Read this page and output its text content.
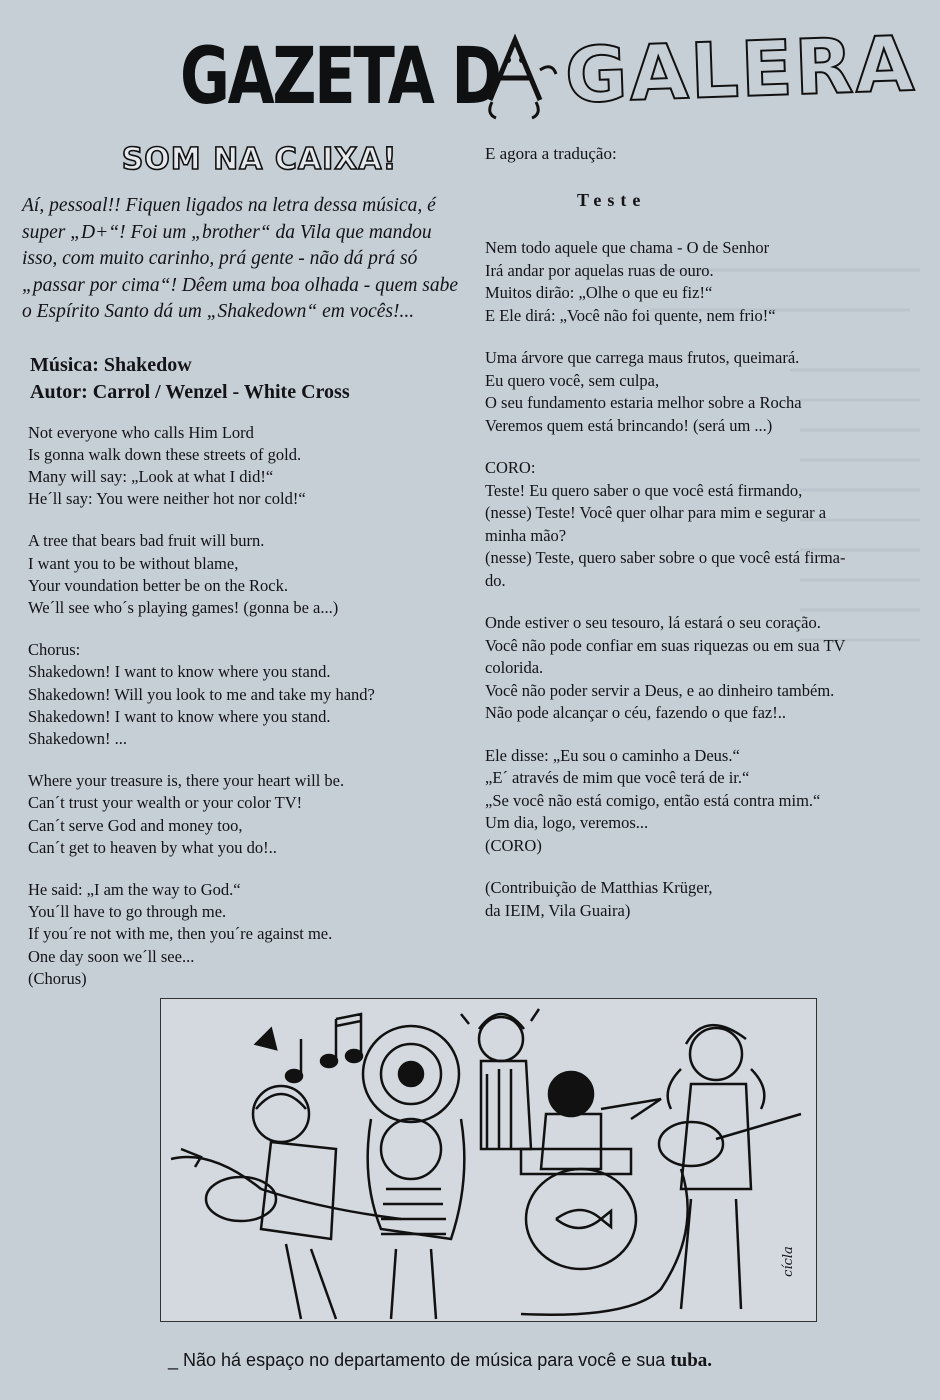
GAZETA D GALERA
SOM NA CAIXA!

Aí, pessoal!! Fiquen ligados na letra dessa música, é super „D+“! Foi um „brother“ da Vila que mandou isso, com muito carinho, prá gente - não dá prá só „passar por cima“! Dêem uma boa olhada - quem sabe o Espírito Santo dá um „Shakedown“ em vocês!...

Música: Shakedow
Autor: Carrol / Wenzel - White Cross

Not everyone who calls Him Lord
Is gonna walk down these streets of gold.
Many will say: „Look at what I did!“
He´ll say: You were neither hot nor cold!“

A tree that bears bad fruit will burn.
I want you to be without blame,
Your voundation better be on the Rock.
We´ll see who´s playing games! (gonna be a...)

Chorus:
Shakedown! I want to know where you stand.
Shakedown! Will you look to me and take my hand?
Shakedown! I want to know where you stand.
Shakedown! ...

Where your treasure is, there your heart will be.
Can´t trust your wealth or your color TV!
Can´t serve God and money too,
Can´t get to heaven by what you do!..

He said: „I am the way to God.“
You´ll have to go through me.
If you´re not with me, then you´re against me.
One day soon we´ll see...
(Chorus)

E agora a tradução:
Teste

Nem todo aquele que chama - O de Senhor
Irá andar por aquelas ruas de ouro.
Muitos dirão: „Olhe o que eu fiz!“
E Ele dirá: „Você não foi quente, nem frio!“

Uma árvore que carrega maus frutos, queimará.
Eu quero você, sem culpa,
O seu fundamento estaria melhor sobre a Rocha
Veremos quem está brincando! (será um ...)

CORO:
Teste! Eu quero saber o que você está firmando,
(nesse) Teste! Você quer olhar para mim e segurar a
minha mão?
(nesse) Teste, quero saber sobre o que você está firma-
do.

Onde estiver o seu tesouro, lá estará o seu coração.
Você não pode confiar em suas riquezas ou em sua TV
colorida.
Você não poder servir a Deus, e ao dinheiro também.
Não pode alcançar o céu, fazendo o que faz!..

Ele disse: „Eu sou o caminho a Deus.“
„E´ através de mim que você terá de ir.“
„Se você não está comigo, então está contra mim.“
Um dia, logo, veremos...
(CORO)

(Contribuição de Matthias Krüger,
da IEIM, Vila Guaira)

cícla
_ Não há espaço no departamento de música para você e sua tuba.
